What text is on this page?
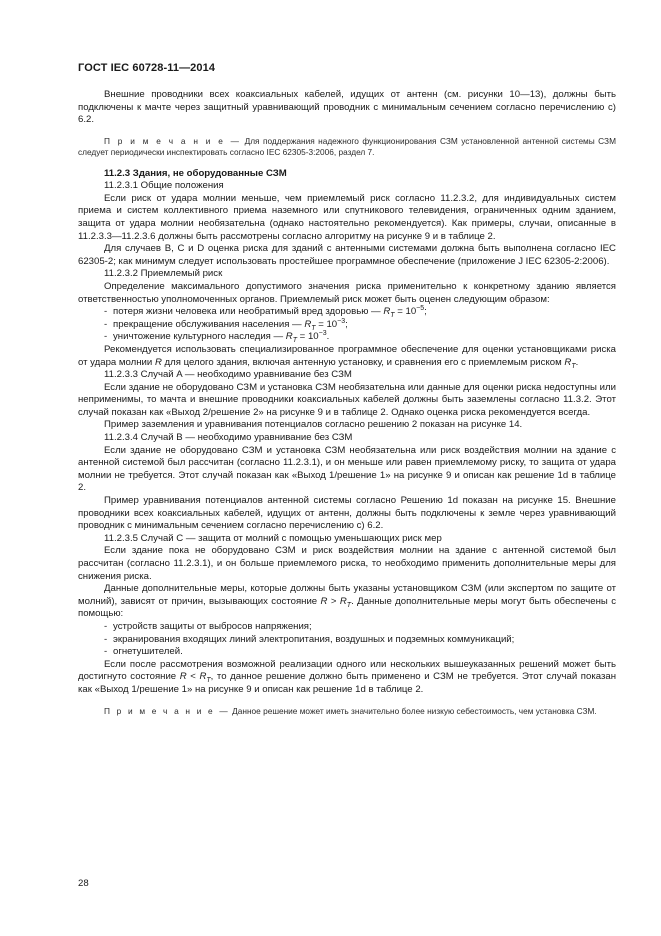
ГОСТ IEC 60728-11—2014

Внешние проводники всех коаксиальных кабелей, идущих от антенн (см. рисунки 10—13), должны быть подключены к мачте через защитный уравнивающий проводник с минимальным сечением согласно перечислению с) 6.2.

П р и м е ч а н и е — Для поддержания надежного функционирования СЗМ установленной антенной системы СЗМ следует периодически инспектировать согласно IEC 62305-3:2006, раздел 7.

11.2.3 Здания, не оборудованные СЗМ

11.2.3.1 Общие положения

Если риск от удара молнии меньше, чем приемлемый риск согласно 11.2.3.2, для индивидуальных систем приема и систем коллективного приема наземного или спутникового телевидения, ограниченных одним зданием, защита от удара молнии необязательна (однако настоятельно рекомендуется). Как примеры, случаи, описанные в 11.2.3.3—11.2.3.6 должны быть рассмотрены согласно алгоритму на рисунке 9 и в таблице 2.

Для случаев B, C и D оценка риска для зданий с антенными системами должна быть выполнена согласно IEC 62305-2; как минимум следует использовать простейшее программное обеспечение (приложение J IEC 62305-2:2006).

11.2.3.2 Приемлемый риск

Определение максимального допустимого значения риска применительно к конкретному зданию является ответственностью уполномоченных органов. Приемлемый риск может быть оценен следующим образом:

- потеря жизни человека или необратимый вред здоровью — $R_T = 10^{-5}$;
- прекращение обслуживания населения — $R_T = 10^{-3}$;
- уничтожение культурного наследия — $R_T = 10^{-3}$.

Рекомендуется использовать специализированное программное обеспечение для оценки установщиками риска от удара молнии R для целого здания, включая антенную установку, и сравнения его с приемлемым риском $R_T$.

11.2.3.3 Случай A — необходимо уравнивание без СЗМ

Если здание не оборудовано СЗМ и установка СЗМ необязательна или данные для оценки риска недоступны или неприменимы, то мачта и внешние проводники коаксиальных кабелей должны быть заземлены согласно 11.3.2. Этот случай показан как «Выход 2/решение 2» на рисунке 9 и в таблице 2. Однако оценка риска рекомендуется всегда.

Пример заземления и уравнивания потенциалов согласно решению 2 показан на рисунке 14.

11.2.3.4 Случай B — необходимо уравнивание без СЗМ

Если здание не оборудовано СЗМ и установка СЗМ необязательна или риск воздействия молнии на здание с антенной системой был рассчитан (согласно 11.2.3.1), и он меньше или равен приемлемому риску, то защита от удара молнии не требуется. Этот случай показан как «Выход 1/решение 1» на рисунке 9 и описан как решение 1d в таблице 2.

Пример уравнивания потенциалов антенной системы согласно Решению 1d показан на рисунке 15. Внешние проводники всех коаксиальных кабелей, идущих от антенн, должны быть подключены к земле через уравнивающий проводник с минимальным сечением согласно перечислению с) 6.2.

11.2.3.5 Случай C — защита от молний с помощью уменьшающих риск мер

Если здание пока не оборудовано СЗМ и риск воздействия молнии на здание с антенной системой был рассчитан (согласно 11.2.3.1), и он больше приемлемого риска, то необходимо применить дополнительные меры для снижения риска.

Данные дополнительные меры, которые должны быть указаны установщиком СЗМ (или экспертом по защите от молний), зависят от причин, вызывающих состояние $R > R_T$. Данные дополнительные меры могут быть обеспечены с помощью:

- устройств защиты от выбросов напряжения;
- экранирования входящих линий электропитания, воздушных и подземных коммуникаций;
- огнетушителей.

Если после рассмотрения возможной реализации одного или нескольких вышеуказанных решений может быть достигнуто состояние $R < R_T$, то данное решение должно быть применено и СЗМ не требуется. Этот случай показан как «Выход 1/решение 1» на рисунке 9 и описан как решение 1d в таблице 2.

П р и м е ч а н и е — Данное решение может иметь значительно более низкую себестоимость, чем установка СЗМ.
28
